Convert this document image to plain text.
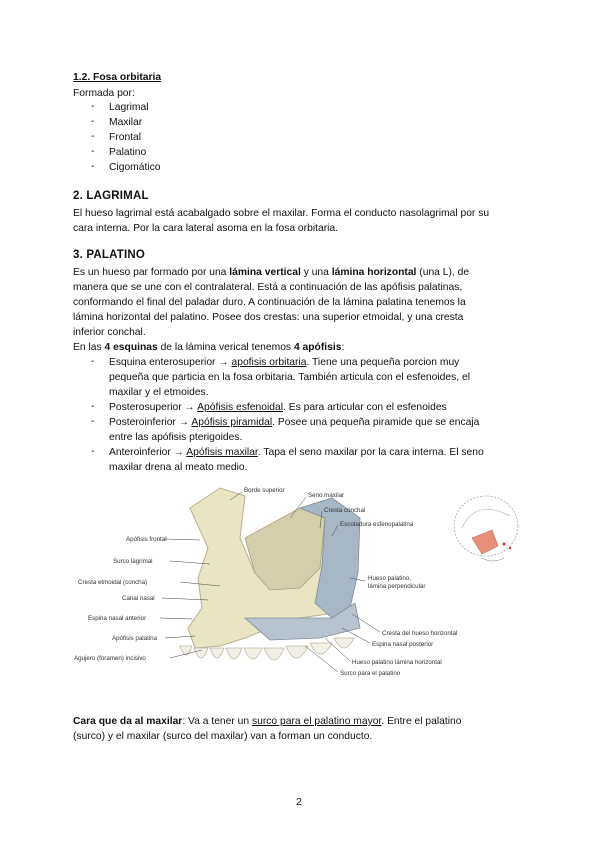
1.2. Fosa orbitaria
Formada por:
- Lagrimal
- Maxilar
- Frontal
- Palatino
- Cigomático
2. LAGRIMAL
El hueso lagrimal está acabalgado sobre el maxilar. Forma el conducto nasolagrimal por su
cara interna. Por la cara lateral asoma en la fosa orbitaria.
3. PALATINO
Es un hueso par formado por una lámina vertical y una lámina horizontal (una L), de
manera que se une con el contralateral. Está a continuación de las apófisis palatinas,
conformando el final del paladar duro. A continuación de la lámina palatina tenemos la
lámina horizontal del palatino. Posee dos crestas: una superior etmoidal, y una cresta
inferior conchal.
En las 4 esquinas de la lámina verical tenemos 4 apófisis:
- Esquina enterosuperior → apofisis orbitaria. Tiene una pequeña porcion muy
pequeña que particia en la fosa orbitaria. También articula con el esfenoides, el
maxilar y el etmoides.
- Posterosuperior → Apófisis esfenoidal. Es para articular con el esfenoides
- Posteroinferior → Apófisis piramidal. Posee una pequeña piramide que se encaja
entre las apófisis pterigoides.
- Anteroinferior → Apófisis maxilar. Tapa el seno maxilar por la cara interna. El seno
maxilar drena al meato medio.
Apófisis frontal
Surco lagrimal
Cresta etmoidal (concha)
Canal nasal
Espina nasal anterior
Apófisis palatina
Agujero (foramen) incisivo
Borde superior
Seno maxilar
Cresta conchal
Escotadura esfenopalatina
Hueso palatino,
lámina perpendicular
Cresta del hueso horizontal
Espina nasal posterior
Hueso palatino lámina horizontal
Surco para el palatino
Cara que da al maxilar: Va a tener un surco para el palatino mayor. Entre el palatino
(surco) y el maxilar (surco del maxilar) van a forman un conducto.
2
